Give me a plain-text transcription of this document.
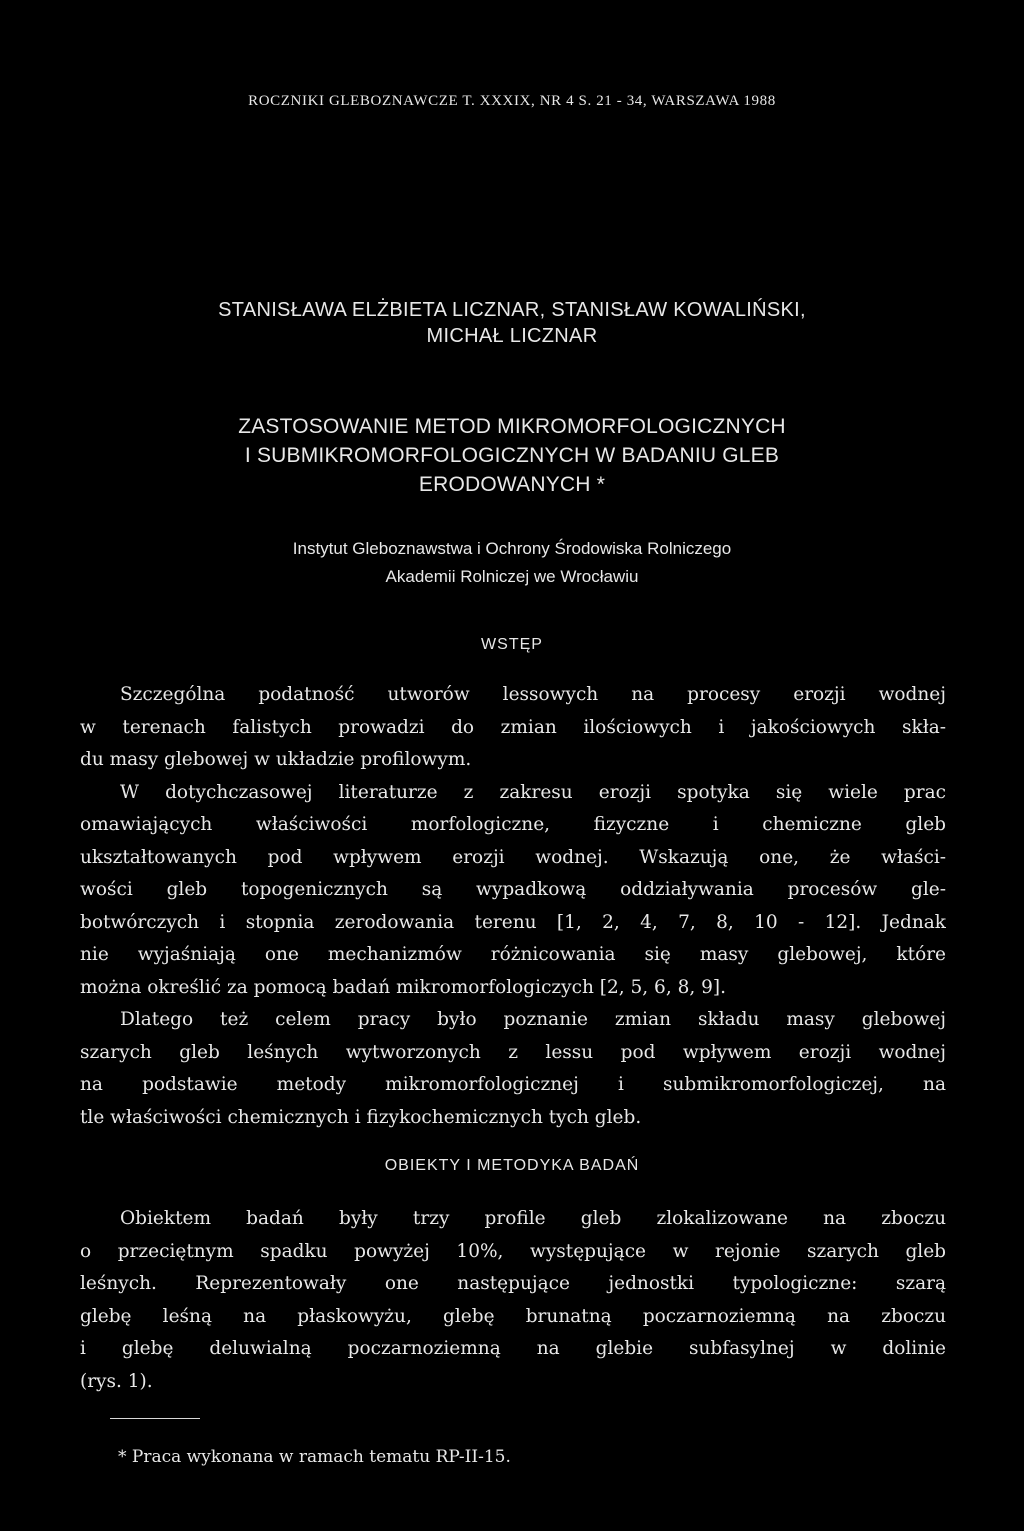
ROCZNIKI GLEBOZNAWCZE T. XXXIX, NR 4 S. 21 - 34, WARSZAWA 1988
STANISŁAWA ELŻBIETA LICZNAR, STANISŁAW KOWALIŃSKI,
MICHAŁ LICZNAR
ZASTOSOWANIE METOD MIKROMORFOLOGICZNYCH
I SUBMIKROMORFOLOGICZNYCH W BADANIU GLEB
ERODOWANYCH *
Instytut Gleboznawstwa i Ochrony Środowiska Rolniczego
Akademii Rolniczej we Wrocławiu
WSTĘP
Szczególna podatność utworów lessowych na procesy erozji wodnej
w terenach falistych prowadzi do zmian ilościowych i jakościowych skła-
du masy glebowej w układzie profilowym.
W dotychczasowej literaturze z zakresu erozji spotyka się wiele prac
omawiających właściwości morfologiczne, fizyczne i chemiczne gleb
ukształtowanych pod wpływem erozji wodnej. Wskazują one, że właści-
wości gleb topogenicznych są wypadkową oddziaływania procesów gle-
botwórczych i stopnia zerodowania terenu [1, 2, 4, 7, 8, 10 - 12]. Jednak
nie wyjaśniają one mechanizmów różnicowania się masy glebowej, które
można określić za pomocą badań mikromorfologiczych [2, 5, 6, 8, 9].
Dlatego też celem pracy było poznanie zmian składu masy glebowej
szarych gleb leśnych wytworzonych z lessu pod wpływem erozji wodnej
na podstawie metody mikromorfologicznej i submikromorfologiczej, na
tle właściwości chemicznych i fizykochemicznych tych gleb.
OBIEKTY I METODYKA BADAŃ
Obiektem badań były trzy profile gleb zlokalizowane na zboczu
o przeciętnym spadku powyżej 10%, występujące w rejonie szarych gleb
leśnych. Reprezentowały one następujące jednostki typologiczne: szarą
glebę leśną na płaskowyżu, glebę brunatną poczarnoziemną na zboczu
i glebę deluwialną poczarnoziemną na glebie subfasylnej w dolinie
(rys. 1).
* Praca wykonana w ramach tematu RP-II-15.
